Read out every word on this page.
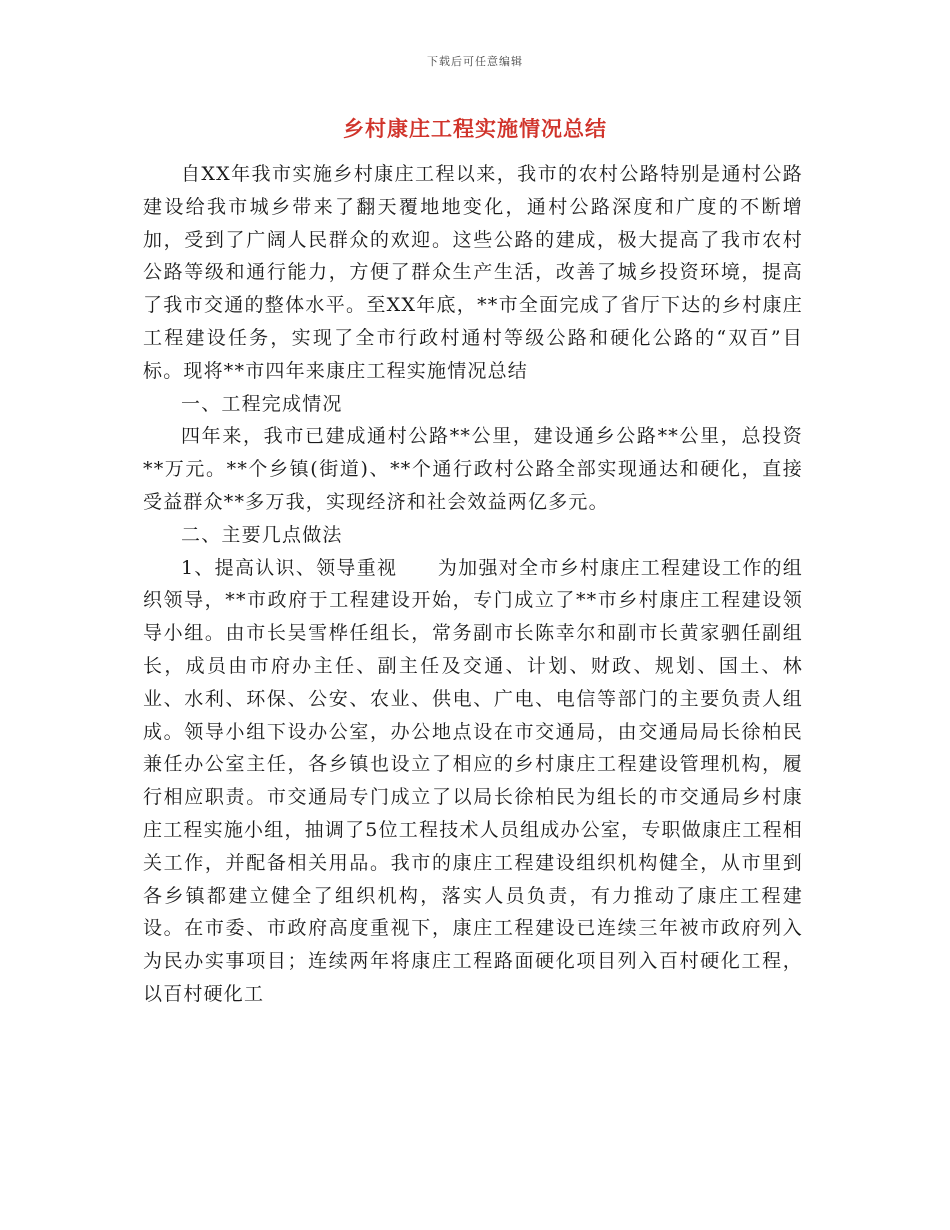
下载后可任意编辑
乡村康庄工程实施情况总结

自XX年我市实施乡村康庄工程以来，我市的农村公路特别是通村公路建设给我市城乡带来了翻天覆地地变化，通村公路深度和广度的不断增加，受到了广阔人民群众的欢迎。这些公路的建成，极大提高了我市农村公路等级和通行能力，方便了群众生产生活，改善了城乡投资环境，提高了我市交通的整体水平。至XX年底，**市全面完成了省厅下达的乡村康庄工程建设任务，实现了全市行政村通村等级公路和硬化公路的“双百”目标。现将**市四年来康庄工程实施情况总结

一、工程完成情况

四年来，我市已建成通村公路**公里，建设通乡公路**公里，总投资**万元。**个乡镇(街道)、**个通行政村公路全部实现通达和硬化，直接受益群众**多万我，实现经济和社会效益两亿多元。

二、主要几点做法

1、提高认识、领导重视　　为加强对全市乡村康庄工程建设工作的组织领导，**市政府于工程建设开始，专门成立了**市乡村康庄工程建设领导小组。由市长吴雪桦任组长，常务副市长陈幸尔和副市长黄家驷任副组长，成员由市府办主任、副主任及交通、计划、财政、规划、国土、林业、水利、环保、公安、农业、供电、广电、电信等部门的主要负责人组成。领导小组下设办公室，办公地点设在市交通局，由交通局局长徐柏民兼任办公室主任，各乡镇也设立了相应的乡村康庄工程建设管理机构，履行相应职责。市交通局专门成立了以局长徐柏民为组长的市交通局乡村康庄工程实施小组，抽调了5位工程技术人员组成办公室，专职做康庄工程相关工作，并配备相关用品。我市的康庄工程建设组织机构健全，从市里到各乡镇都建立健全了组织机构，落实人员负责，有力推动了康庄工程建设。在市委、市政府高度重视下，康庄工程建设已连续三年被市政府列入为民办实事项目；连续两年将康庄工程路面硬化项目列入百村硬化工程，以百村硬化工
